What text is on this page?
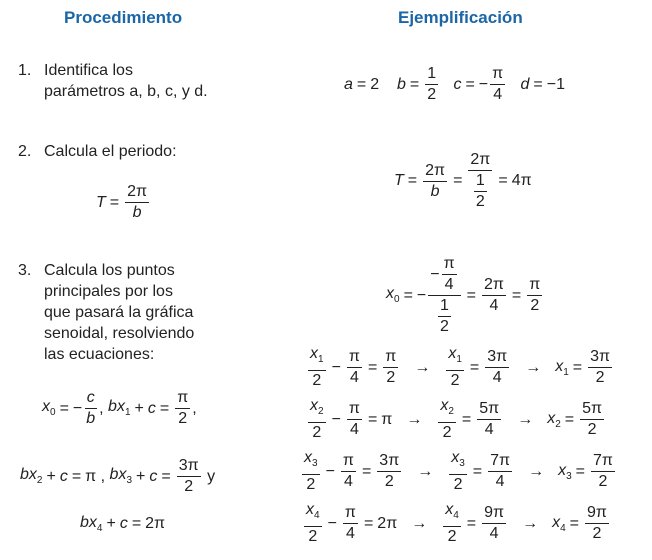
Procedimiento	Ejemplificación
1. Identifica los
parámetros a, b, c, y d.
2. Calcula el periodo:
3. Calcula los puntos
principales por los
que pasará la gráfica
senoidal, resolviendo
las ecuaciones:
$T = \frac{2\pi}{b}$
$x_0$ = − $\frac{c}{b}$ , $bx_1 + c = \frac{\pi}{2}$ ,
$bx_2 + c = \pi$ , $bx_3 + c = \frac{3\pi}{2}$
y
$bx_4 + c = 2\pi$
a = 2
$b = \frac{1}{2}$
c = − $\frac{\pi}{4}$
d = −1
$T = \frac{2\pi}{b} = \frac{2\pi}{\frac{1}{2}} = 4\pi$
$x_0$ = − $\frac{- \frac{\pi}{4}}{\frac{1}{2}} = \frac{2\pi}{4} = \frac{\pi}{2}$
$\frac{x_1}{2} - \frac{\pi}{4} = \frac{\pi}{2} \to \frac{x_1}{2} = \frac{3\pi}{4} \to x_1 = \frac{3\pi}{2}$
$\frac{x_2}{2} - \frac{\pi}{4} = \pi \to \frac{x_2}{2} = \frac{5\pi}{4} \to x_2 = \frac{5\pi}{2}$
$\frac{x_3}{2} - \frac{\pi}{4} = \frac{3\pi}{2} \to \frac{x_3}{2} = \frac{7\pi}{4} \to x_3 = \frac{7\pi}{2}$
$\frac{x_4}{2} - \frac{\pi}{4} = 2\pi \to \frac{x_4}{2} = \frac{9\pi}{4} \to x_4 = \frac{9\pi}{2}$
